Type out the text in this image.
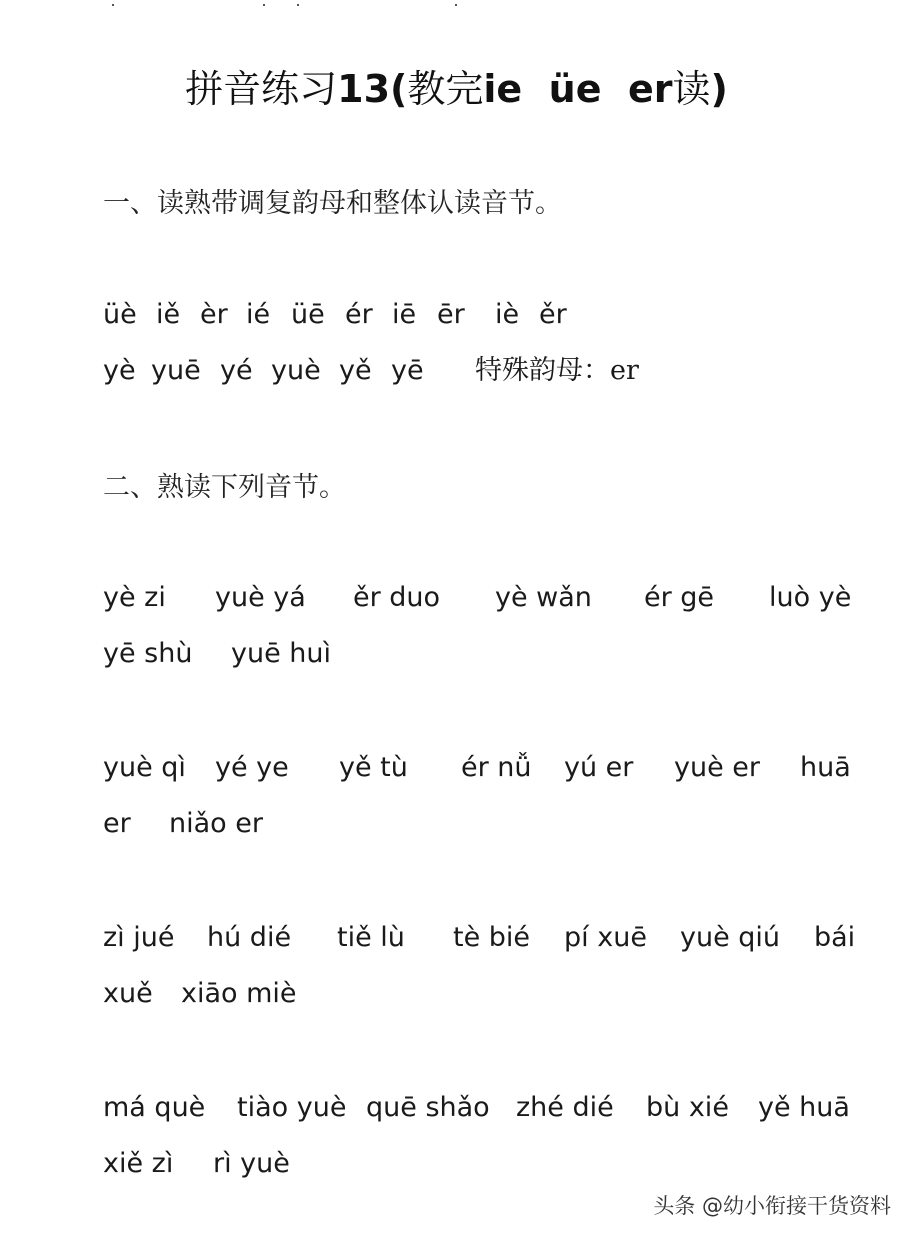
拼音练习13(教完ie  üe  er读)
一、读熟带调复韵母和整体认读音节。
üè iě èr ié üē ér iē ēr iè ěr
yè yuē yé yuè yě yē 特殊韵母：er
二、熟读下列音节。
yè zi yuè yá ěr duo yè wǎn ér gē luò yè
yē shù yuē huì
yuè qì yé ye yě tù ér nǚ yú er yuè er huā
er niǎo er
zì jué hú dié tiě lù tè bié pí xuē yuè qiú bái
xuě xiāo miè
má què tiào yuè quē shǎo zhé dié bù xié yě huā
xiě zì rì yuè
头条 @幼小衔接干货资料
